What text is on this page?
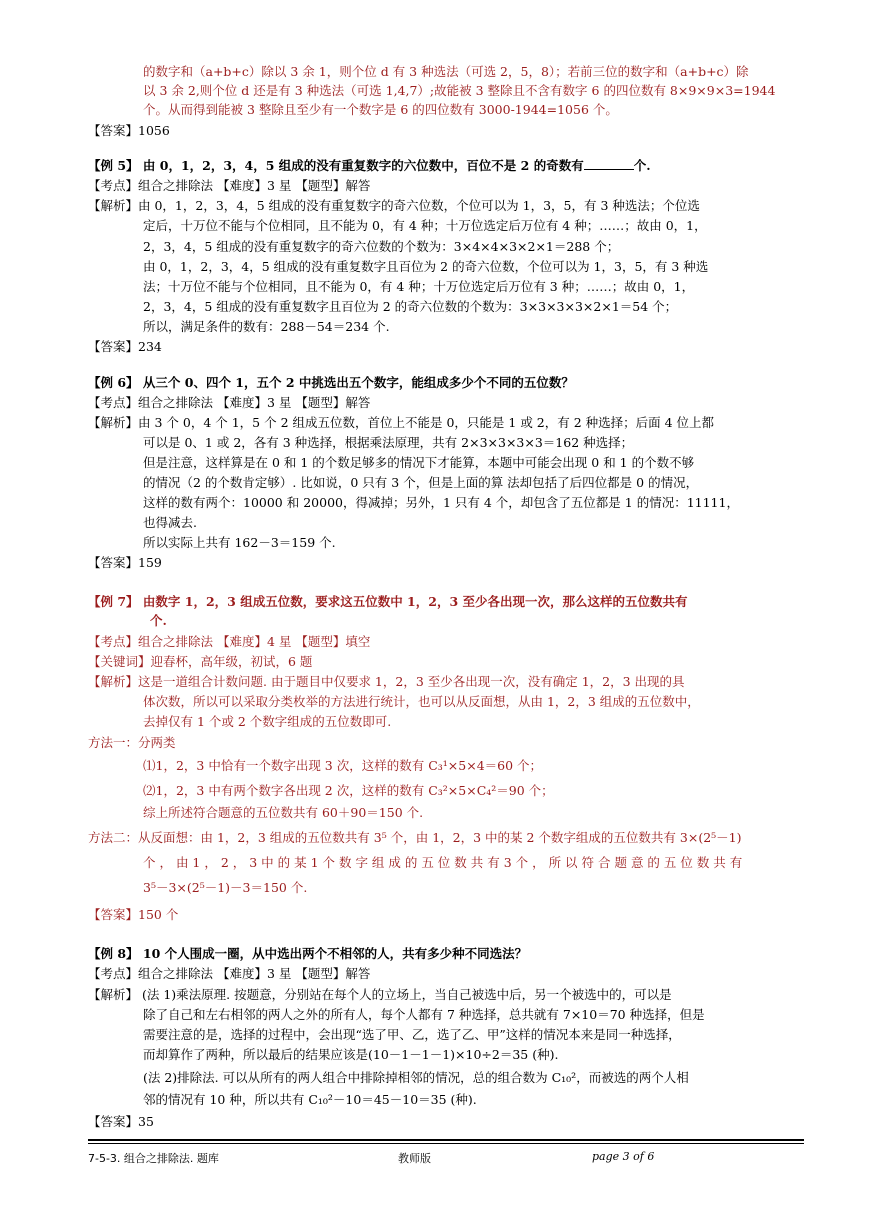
的数字和（a+b+c）除以 3 余 1，则个位 d 有 3 种选法（可选 2，5，8）；若前三位的数字和（a+b+c）除
以 3 余 2,则个位 d 还是有 3 种选法（可选 1,4,7）;故能被 3 整除且不含有数字 6 的四位数有 8×9×9×3=1944
个。从而得到能被 3 整除且至少有一个数字是 6 的四位数有 3000-1944=1056 个。
【答案】1056
【例 5】 由 0，1，2，3，4，5 组成的没有重复数字的六位数中，百位不是 2 的奇数有	个.
【考点】组合之排除法 【难度】3 星 【题型】解答
【解析】由 0，1，2，3，4，5 组成的没有重复数字的奇六位数，个位可以为 1，3，5，有 3 种选法；个位选
定后，十万位不能与个位相同，且不能为 0，有 4 种；十万位选定后万位有 4 种；……；故由 0，1，
2，3，4，5 组成的没有重复数字的奇六位数的个数为：3×4×4×3×2×1＝288 个；
由 0，1，2，3，4，5 组成的没有重复数字且百位为 2 的奇六位数，个位可以为 1，3，5，有 3 种选
法；十万位不能与个位相同，且不能为 0，有 4 种；十万位选定后万位有 3 种；……；故由 0，1，
2，3，4，5 组成的没有重复数字且百位为 2 的奇六位数的个数为：3×3×3×3×2×1＝54 个；
所以，满足条件的数有：288－54＝234 个.
【答案】234
【例 6】 从三个 0、四个 1，五个 2 中挑选出五个数字，能组成多少个不同的五位数？
【考点】组合之排除法 【难度】3 星 【题型】解答
【解析】由 3 个 0，4 个 1，5 个 2 组成五位数，首位上不能是 0，只能是 1 或 2，有 2 种选择；后面 4 位上都
可以是 0、1 或 2，各有 3 种选择，根据乘法原理，共有 2×3×3×3×3＝162 种选择；
但是注意，这样算是在 0 和 1 的个数足够多的情况下才能算，本题中可能会出现 0 和 1 的个数不够
的情况（2 的个数肯定够）. 比如说，0 只有 3 个，但是上面的算 法却包括了后四位都是 0 的情况，
这样的数有两个：10000 和 20000，得减掉；另外，1 只有 4 个，却包含了五位都是 1 的情况：11111，
也得减去.
所以实际上共有 162－3＝159 个.
【答案】159
【例 7】 由数字 1，2，3 组成五位数，要求这五位数中 1，2，3 至少各出现一次，那么这样的五位数共有
个.
【考点】组合之排除法 【难度】4 星 【题型】填空
【关键词】迎春杯，高年级，初试，6 题
【解析】这是一道组合计数问题. 由于题目中仅要求 1，2，3 至少各出现一次，没有确定 1，2，3 出现的具
体次数，所以可以采取分类枚举的方法进行统计，也可以从反面想，从由 1，2，3 组成的五位数中，
去掉仅有 1 个或 2 个数字组成的五位数即可.
方法一：分两类
⑴1，2，3 中恰有一个数字出现 3 次，这样的数有 C₃¹×5×4＝60 个；
⑵1，2，3 中有两个数字各出现 2 次，这样的数有 C₃²×5×C₄²＝90 个；
综上所述符合题意的五位数共有 60＋90＝150 个.
方法二：从反面想：由 1，2，3 组成的五位数共有 3⁵ 个，由 1，2，3 中的某 2 个数字组成的五位数共有 3×(2⁵－1)
个 ， 由 1 ， 2 ， 3 中 的 某 1 个 数 字 组 成 的 五 位 数 共 有 3 个 ， 所 以 符 合 题 意 的 五 位 数 共 有
3⁵－3×(2⁵－1)－3＝150 个.
【答案】150 个
【例 8】 10 个人围成一圈，从中选出两个不相邻的人，共有多少种不同选法？
【考点】组合之排除法 【难度】3 星 【题型】解答
【解析】 (法 1)乘法原理. 按题意，分别站在每个人的立场上，当自己被选中后，另一个被选中的，可以是
除了自己和左右相邻的两人之外的所有人，每个人都有 7 种选择，总共就有 7×10＝70 种选择，但是
需要注意的是，选择的过程中，会出现“选了甲、乙，选了乙、甲”这样的情况本来是同一种选择，
而却算作了两种，所以最后的结果应该是(10－1－1－1)×10÷2＝35 (种).
(法 2)排除法. 可以从所有的两人组合中排除掉相邻的情况，总的组合数为 C₁₀²，而被选的两个人相
邻的情况有 10 种，所以共有 C₁₀²－10＝45－10＝35 (种).
【答案】35
7-5-3. 组合之排除法. 题库	教师版	page 3 of 6
